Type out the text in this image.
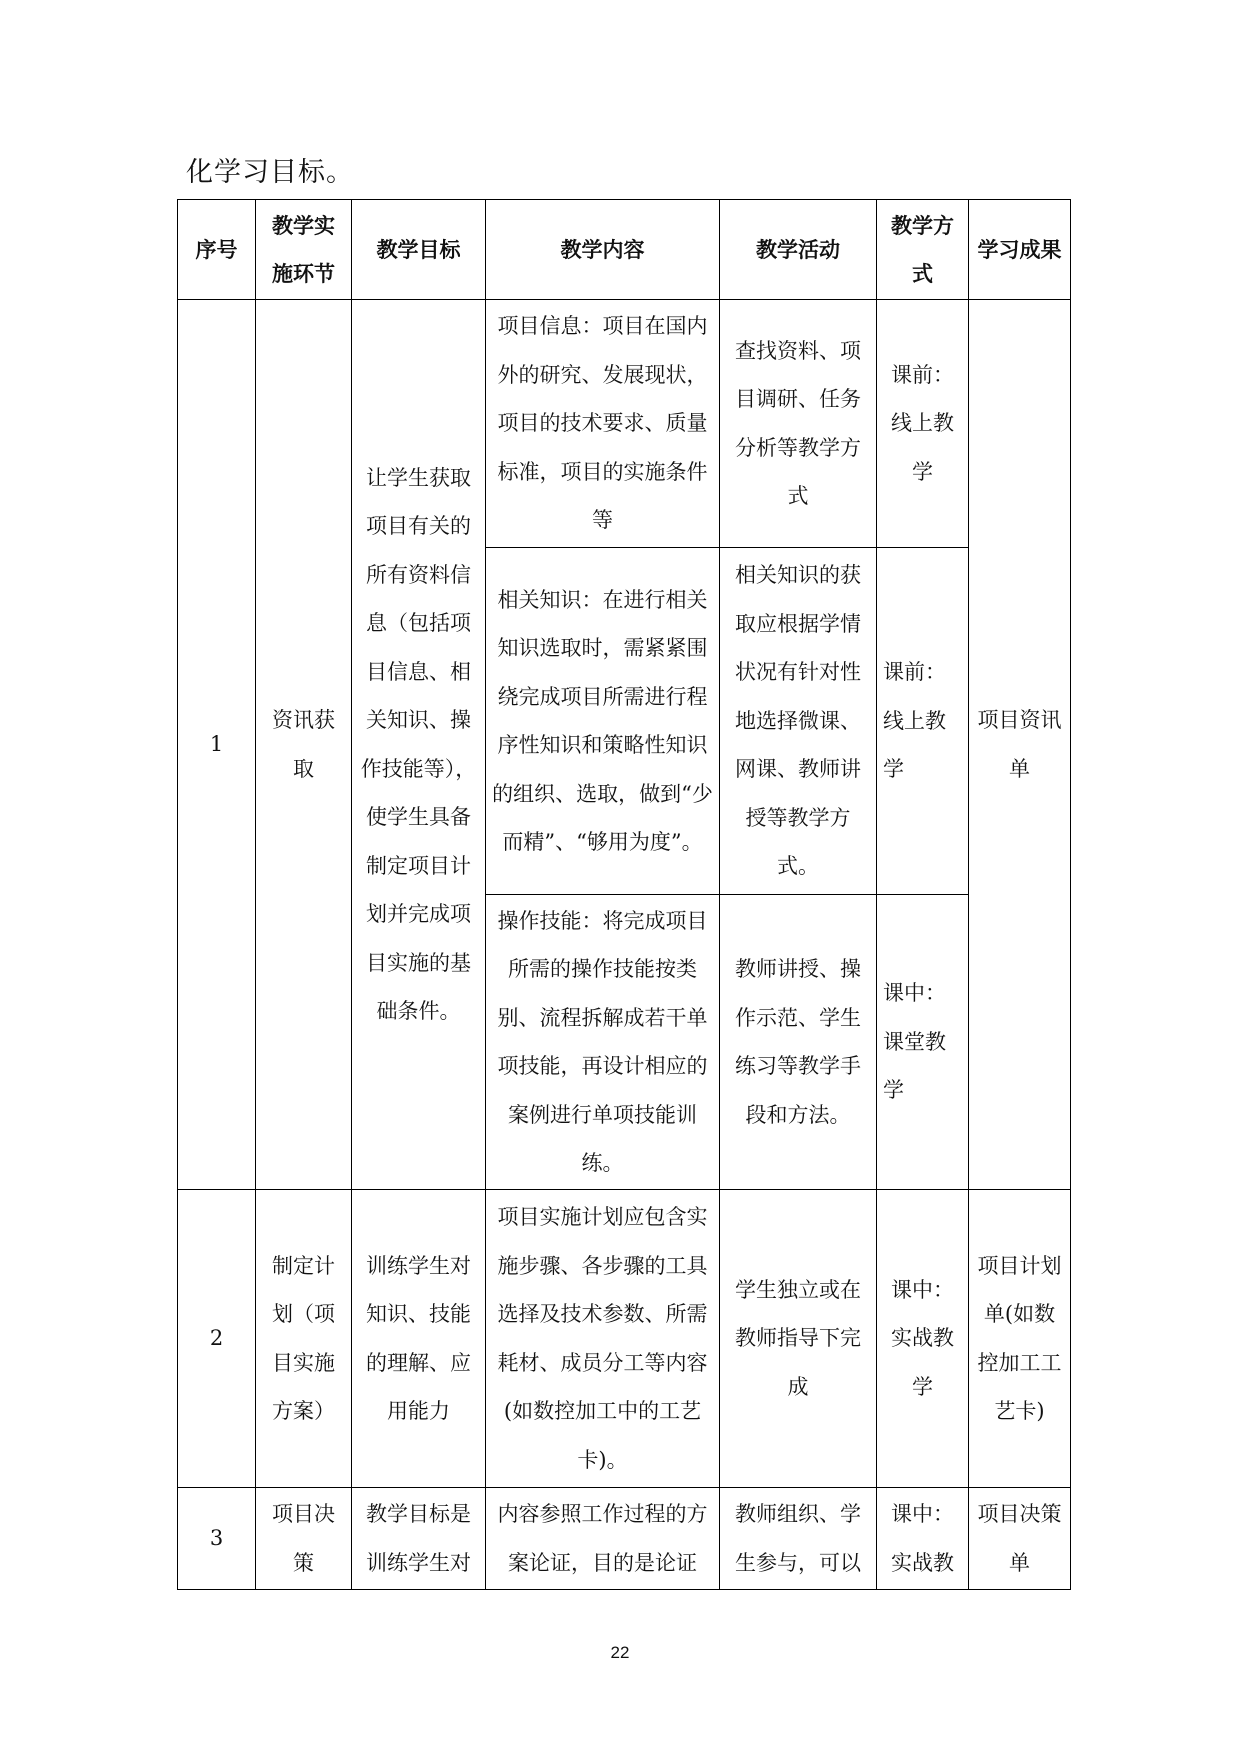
化学习目标。
序号	教学实施环节	教学目标	教学内容	教学活动	教学方式	学习成果
1	资讯获取	让学生获取项目有关的所有资料信息（包括项目信息、相关知识、操作技能等），使学生具备制定项目计划并完成项目实施的基础条件。	项目信息：项目在国内外的研究、发展现状，项目的技术要求、质量标准，项目的实施条件等	查找资料、项目调研、任务分析等教学方式	课前：线上教学	项目资讯单
			相关知识：在进行相关知识选取时，需紧紧围绕完成项目所需进行程序性知识和策略性知识的组织、选取，做到“少而精”、“够用为度”。	相关知识的获取应根据学情状况有针对性地选择微课、网课、教师讲授等教学方式。	课前：线上教学	
			操作技能：将完成项目所需的操作技能按类别、流程拆解成若干单项技能，再设计相应的案例进行单项技能训练。	教师讲授、操作示范、学生练习等教学手段和方法。	课中：课堂教学	
2	制定计划（项目实施方案）	训练学生对知识、技能的理解、应用能力	项目实施计划应包含实施步骤、各步骤的工具选择及技术参数、所需耗材、成员分工等内容(如数控加工中的工艺卡)。	学生独立或在教师指导下完成	课中：实战教学	项目计划单(如数控加工工艺卡)
3	项目决策	教学目标是训练学生对	内容参照工作过程的方案论证，目的是论证	教师组织、学生参与，可以	课中：实战教	项目决策单
22
